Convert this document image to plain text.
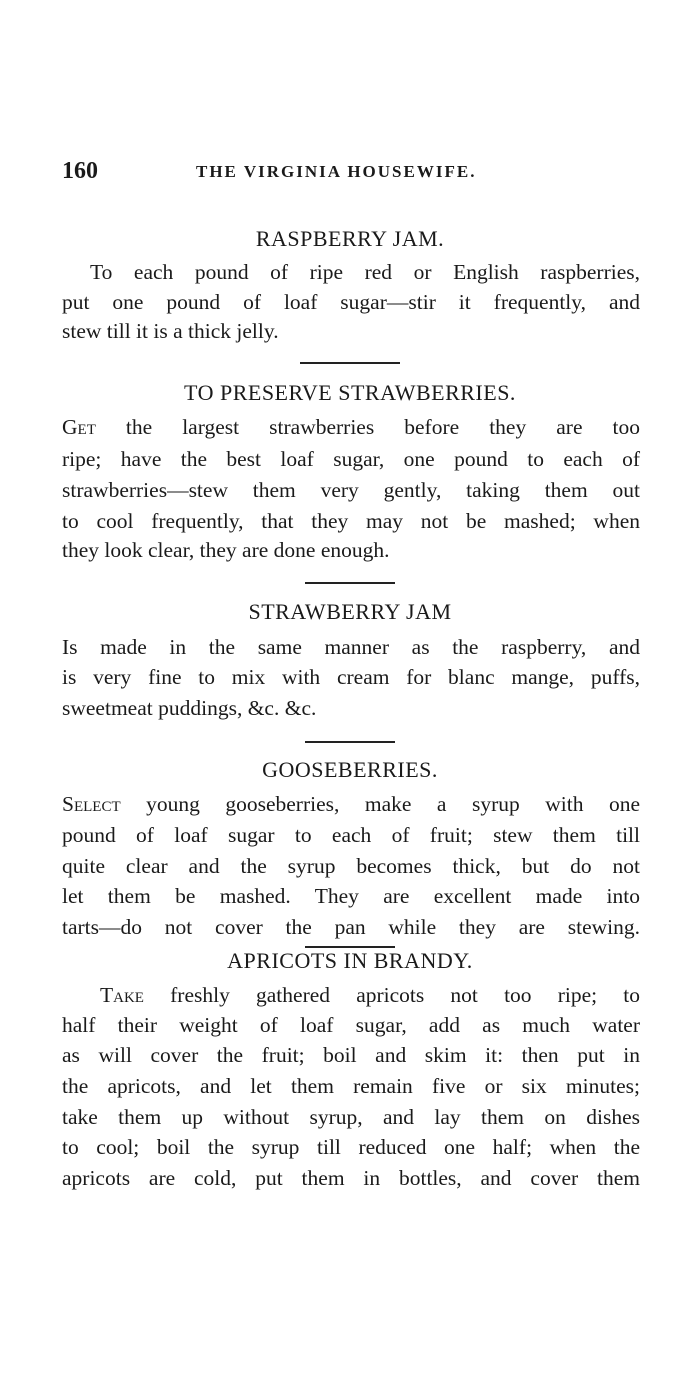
160	THE VIRGINIA HOUSEWIFE.
RASPBERRY JAM.
To each pound of ripe red or English raspberries,
put one pound of loaf sugar—stir it frequently, and
stew till it is a thick jelly.
TO PRESERVE STRAWBERRIES.
Get the largest strawberries before they are too
ripe; have the best loaf sugar, one pound to each of
strawberries—stew them very gently, taking them out
to cool frequently, that they may not be mashed; when
they look clear, they are done enough.
STRAWBERRY JAM
Is made in the same manner as the raspberry, and
is very fine to mix with cream for blanc mange, puffs,
sweetmeat puddings, &c. &c.
GOOSEBERRIES.
Select young gooseberries, make a syrup with one
pound of loaf sugar to each of fruit; stew them till
quite clear and the syrup becomes thick, but do not
let them be mashed. They are excellent made into
tarts—do not cover the pan while they are stewing.
APRICOTS IN BRANDY.
Take freshly gathered apricots not too ripe; to
half their weight of loaf sugar, add as much water
as will cover the fruit; boil and skim it: then put in
the apricots, and let them remain five or six minutes;
take them up without syrup, and lay them on dishes
to cool; boil the syrup till reduced one half; when the
apricots are cold, put them in bottles, and cover them
